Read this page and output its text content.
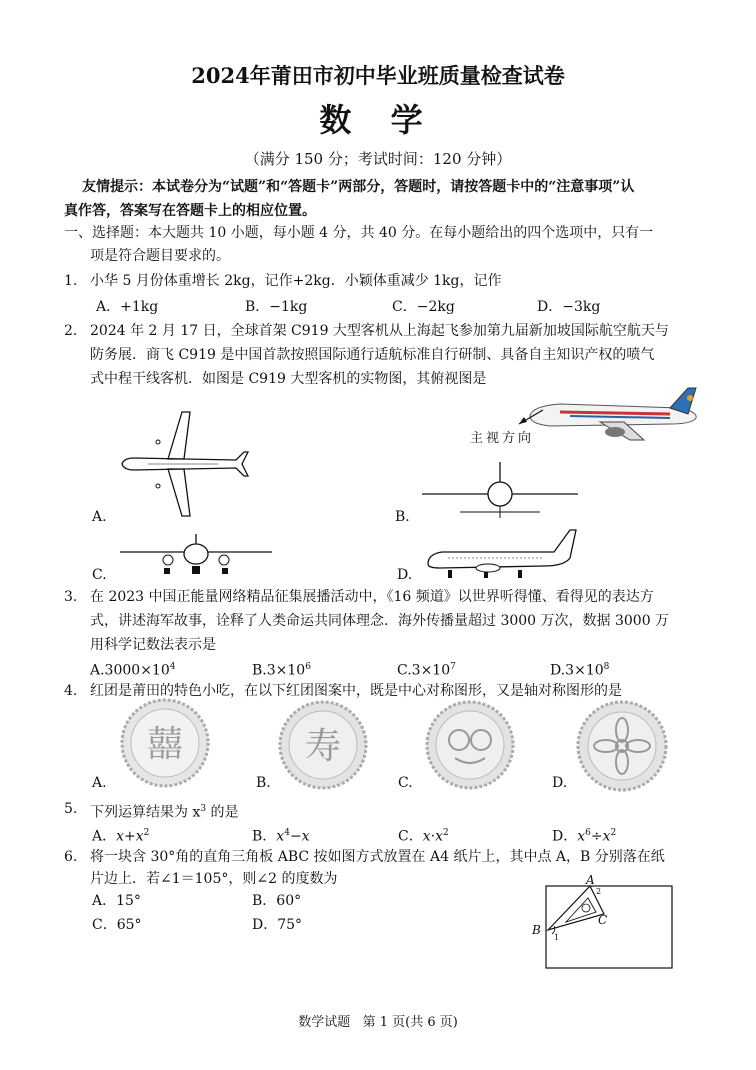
2024年莆田市初中毕业班质量检查试卷
数 学
（满分 150 分；考试时间：120 分钟）
友情提示：本试卷分为“试题”和“答题卡”两部分，答题时，请按答题卡中的“注意事项”认
真作答，答案写在答题卡上的相应位置。
一、选择题：本大题共 10 小题，每小题 4 分，共 40 分。在每小题给出的四个选项中，只有一
项是符合题目要求的。
1. 小华 5 月份体重增长 2kg，记作+2kg．小颖体重减少 1kg，记作
A．+1kg	B．−1kg	C．−2kg	D．−3kg
2. 2024 年 2 月 17 日，全球首架 C919 大型客机从上海起飞参加第九届新加坡国际航空航天与
防务展．商飞 C919 是中国首款按照国际通行适航标准自行研制、具备自主知识产权的喷气
式中程干线客机．如图是 C919 大型客机的实物图，其俯视图是
主视方向
A.	B.
C.	D.
3. 在 2023 中国正能量网络精品征集展播活动中，《16 频道》以世界听得懂、看得见的表达方
式，讲述海军故事，诠释了人类命运共同体理念．海外传播量超过 3000 万次，数据 3000 万
用科学记数法表示是
$A.3000\times 10^4$	$B.3\times 10^6$	$C.3\times 10^7$	$D.3\times 10^8$
4. 红团是莆田的特色小吃，在以下红团图案中，既是中心对称图形，又是轴对称图形的是
囍
A.
寿
B.	C.	D.
5. 下列运算结果为 $x^3$ 的是
A．$x+x^2$	B．$x^4-x$	C．$x\cdot x^2$	D．$x^6\div x^2$
6. 将一块含 30°角的直角三角板 ABC 按如图方式放置在 A4 纸片上，其中点 A，B 分别落在纸
片边上．若∠1＝105°，则∠2 的度数为
A．15°	B．60°
C．65°	D．75°
A
B
C
1
2
数学试题   第 1 页(共 6 页)
